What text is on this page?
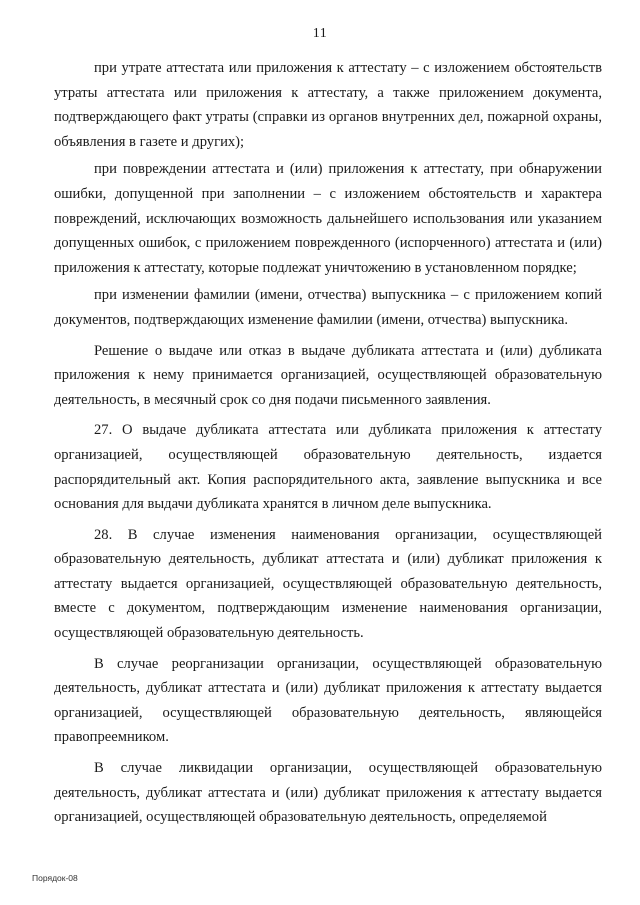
11

при утрате аттестата или приложения к аттестату – с изложением обстоятельств утраты аттестата или приложения к аттестату, а также приложением документа, подтверждающего факт утраты (справки из органов внутренних дел, пожарной охраны, объявления в газете и других);

при повреждении аттестата и (или) приложения к аттестату, при обнаружении ошибки, допущенной при заполнении – с изложением обстоятельств и характера повреждений, исключающих возможность дальнейшего использования или указанием допущенных ошибок, с приложением поврежденного (испорченного) аттестата и (или) приложения к аттестату, которые подлежат уничтожению в установленном порядке;

при изменении фамилии (имени, отчества) выпускника – с приложением копий документов, подтверждающих изменение фамилии (имени, отчества) выпускника.

Решение о выдаче или отказ в выдаче дубликата аттестата и (или) дубликата приложения к нему принимается организацией, осуществляющей образовательную деятельность, в месячный срок со дня подачи письменного заявления.

27. О выдаче дубликата аттестата или дубликата приложения к аттестату организацией, осуществляющей образовательную деятельность, издается распорядительный акт. Копия распорядительного акта, заявление выпускника и все основания для выдачи дубликата хранятся в личном деле выпускника.

28. В случае изменения наименования организации, осуществляющей образовательную деятельность, дубликат аттестата и (или) дубликат приложения к аттестату выдается организацией, осуществляющей образовательную деятельность, вместе с документом, подтверждающим изменение наименования организации, осуществляющей образовательную деятельность.

В случае реорганизации организации, осуществляющей образовательную деятельность, дубликат аттестата и (или) дубликат приложения к аттестату выдается организацией, осуществляющей образовательную деятельность, являющейся правопреемником.

В случае ликвидации организации, осуществляющей образовательную деятельность, дубликат аттестата и (или) дубликат приложения к аттестату выдается организацией, осуществляющей образовательную деятельность, определяемой

Порядок-08
